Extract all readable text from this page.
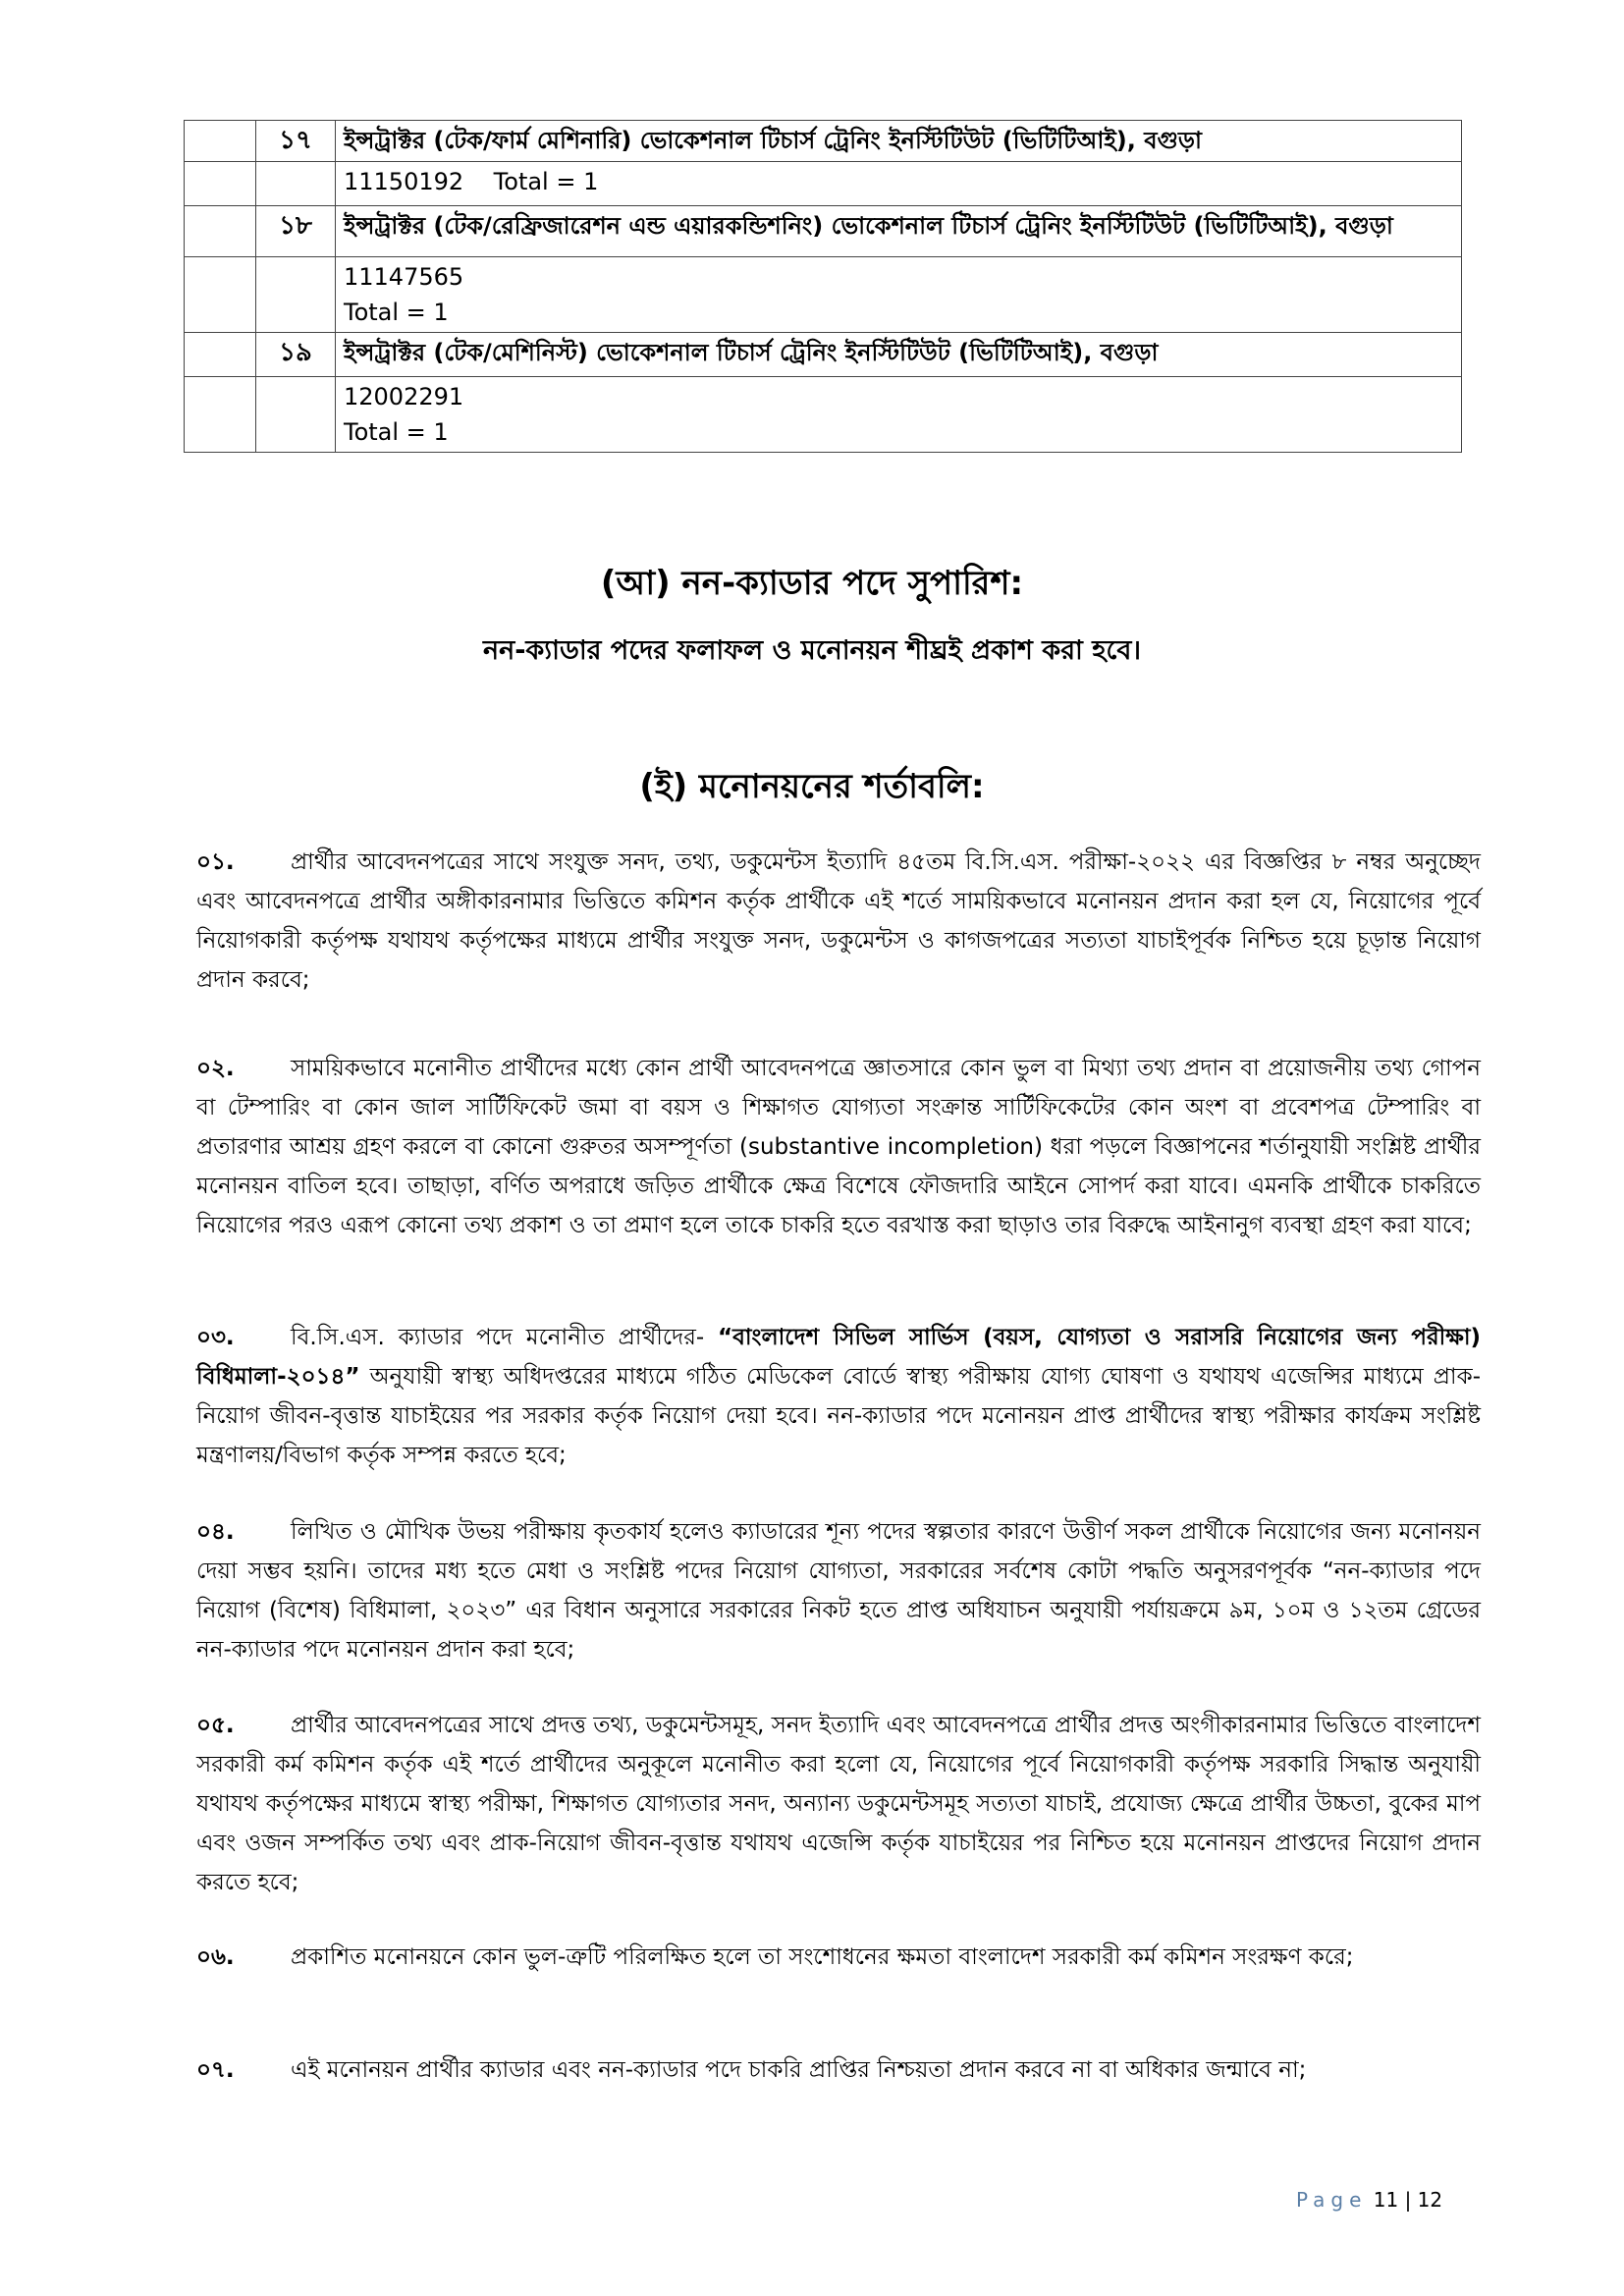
	১৭	ইন্সট্রাক্টর (টেক/ফার্ম মেশিনারি) ভোকেশনাল টিচার্স ট্রেনিং ইনস্টিটিউট (ভিটিটিআই), বগুড়া
		11150192 Total = 1
	১৮	ইন্সট্রাক্টর (টেক/রেফ্রিজারেশন এন্ড এয়ারকন্ডিশনিং) ভোকেশনাল টিচার্স ট্রেনিং ইনস্টিটিউট (ভিটিটিআই), বগুড়া

		11147565
Total = 1

	১৯	ইন্সট্রাক্টর (টেক/মেশিনিস্ট) ভোকেশনাল টিচার্স ট্রেনিং ইনস্টিটিউট (ভিটিটিআই), বগুড়া

		12002291
Total = 1
(আ) নন-ক্যাডার পদে সুপারিশ:
নন-ক্যাডার পদের ফলাফল ও মনোনয়ন শীঘ্রই প্রকাশ করা হবে।
(ই) মনোনয়নের শর্তাবলি:
০১. প্রার্থীর আবেদনপত্রের সাথে সংযুক্ত সনদ, তথ্য, ডকুমেন্টস ইত্যাদি ৪৫তম বি.সি.এস. পরীক্ষা-২০২২ এর বিজ্ঞপ্তির ৮ নম্বর অনুচ্ছেদ এবং আবেদনপত্রে প্রার্থীর অঙ্গীকারনামার ভিত্তিতে কমিশন কর্তৃক প্রার্থীকে এই শর্তে সাময়িকভাবে মনোনয়ন প্রদান করা হল যে, নিয়োগের পূর্বে নিয়োগকারী কর্তৃপক্ষ যথাযথ কর্তৃপক্ষের মাধ্যমে প্রার্থীর সংযুক্ত সনদ, ডকুমেন্টস ও কাগজপত্রের সত্যতা যাচাইপূর্বক নিশ্চিত হয়ে চূড়ান্ত নিয়োগ প্রদান করবে;
০২. সাময়িকভাবে মনোনীত প্রার্থীদের মধ্যে কোন প্রার্থী আবেদনপত্রে জ্ঞাতসারে কোন ভুল বা মিথ্যা তথ্য প্রদান বা প্রয়োজনীয় তথ্য গোপন বা টেম্পারিং বা কোন জাল সার্টিফিকেট জমা বা বয়স ও শিক্ষাগত যোগ্যতা সংক্রান্ত সার্টিফিকেটের কোন অংশ বা প্রবেশপত্র টেম্পারিং বা প্রতারণার আশ্রয় গ্রহণ করলে বা কোনো গুরুতর অসম্পূর্ণতা (substantive incompletion) ধরা পড়লে বিজ্ঞাপনের শর্তানুযায়ী সংশ্লিষ্ট প্রার্থীর মনোনয়ন বাতিল হবে। তাছাড়া, বর্ণিত অপরাধে জড়িত প্রার্থীকে ক্ষেত্র বিশেষে ফৌজদারি আইনে সোপর্দ করা যাবে। এমনকি প্রার্থীকে চাকরিতে নিয়োগের পরও এরূপ কোনো তথ্য প্রকাশ ও তা প্রমাণ হলে তাকে চাকরি হতে বরখাস্ত করা ছাড়াও তার বিরুদ্ধে আইনানুগ ব্যবস্থা গ্রহণ করা যাবে;
০৩. বি.সি.এস. ক্যাডার পদে মনোনীত প্রার্থীদের- “বাংলাদেশ সিভিল সার্ভিস (বয়স, যোগ্যতা ও সরাসরি নিয়োগের জন্য পরীক্ষা) বিধিমালা-২০১৪” অনুযায়ী স্বাস্থ্য অধিদপ্তরের মাধ্যমে গঠিত মেডিকেল বোর্ডে স্বাস্থ্য পরীক্ষায় যোগ্য ঘোষণা ও যথাযথ এজেন্সির মাধ্যমে প্রাক-নিয়োগ জীবন-বৃত্তান্ত যাচাইয়ের পর সরকার কর্তৃক নিয়োগ দেয়া হবে। নন-ক্যাডার পদে মনোনয়ন প্রাপ্ত প্রার্থীদের স্বাস্থ্য পরীক্ষার কার্যক্রম সংশ্লিষ্ট মন্ত্রণালয়/বিভাগ কর্তৃক সম্পন্ন করতে হবে;
০৪. লিখিত ও মৌখিক উভয় পরীক্ষায় কৃতকার্য হলেও ক্যাডারের শূন্য পদের স্বল্পতার কারণে উত্তীর্ণ সকল প্রার্থীকে নিয়োগের জন্য মনোনয়ন দেয়া সম্ভব হয়নি। তাদের মধ্য হতে মেধা ও সংশ্লিষ্ট পদের নিয়োগ যোগ্যতা, সরকারের সর্বশেষ কোটা পদ্ধতি অনুসরণপূর্বক “নন-ক্যাডার পদে নিয়োগ (বিশেষ) বিধিমালা, ২০২৩” এর বিধান অনুসারে সরকারের নিকট হতে প্রাপ্ত অধিযাচন অনুযায়ী পর্যায়ক্রমে ৯ম, ১০ম ও ১২তম গ্রেডের নন-ক্যাডার পদে মনোনয়ন প্রদান করা হবে;
০৫. প্রার্থীর আবেদনপত্রের সাথে প্রদত্ত তথ্য, ডকুমেন্টসমূহ, সনদ ইত্যাদি এবং আবেদনপত্রে প্রার্থীর প্রদত্ত অংগীকারনামার ভিত্তিতে বাংলাদেশ সরকারী কর্ম কমিশন কর্তৃক এই শর্তে প্রার্থীদের অনুকূলে মনোনীত করা হলো যে, নিয়োগের পূর্বে নিয়োগকারী কর্তৃপক্ষ সরকারি সিদ্ধান্ত অনুযায়ী যথাযথ কর্তৃপক্ষের মাধ্যমে স্বাস্থ্য পরীক্ষা, শিক্ষাগত যোগ্যতার সনদ, অন্যান্য ডকুমেন্টসমূহ সত্যতা যাচাই, প্রযোজ্য ক্ষেত্রে প্রার্থীর উচ্চতা, বুকের মাপ এবং ওজন সম্পর্কিত তথ্য এবং প্রাক-নিয়োগ জীবন-বৃত্তান্ত যথাযথ এজেন্সি কর্তৃক যাচাইয়ের পর নিশ্চিত হয়ে মনোনয়ন প্রাপ্তদের নিয়োগ প্রদান করতে হবে;
০৬. প্রকাশিত মনোনয়নে কোন ভুল-ত্রুটি পরিলক্ষিত হলে তা সংশোধনের ক্ষমতা বাংলাদেশ সরকারী কর্ম কমিশন সংরক্ষণ করে;
০৭. এই মনোনয়ন প্রার্থীর ক্যাডার এবং নন-ক্যাডার পদে চাকরি প্রাপ্তির নিশ্চয়তা প্রদান করবে না বা অধিকার জন্মাবে না;
Page 11 | 12
